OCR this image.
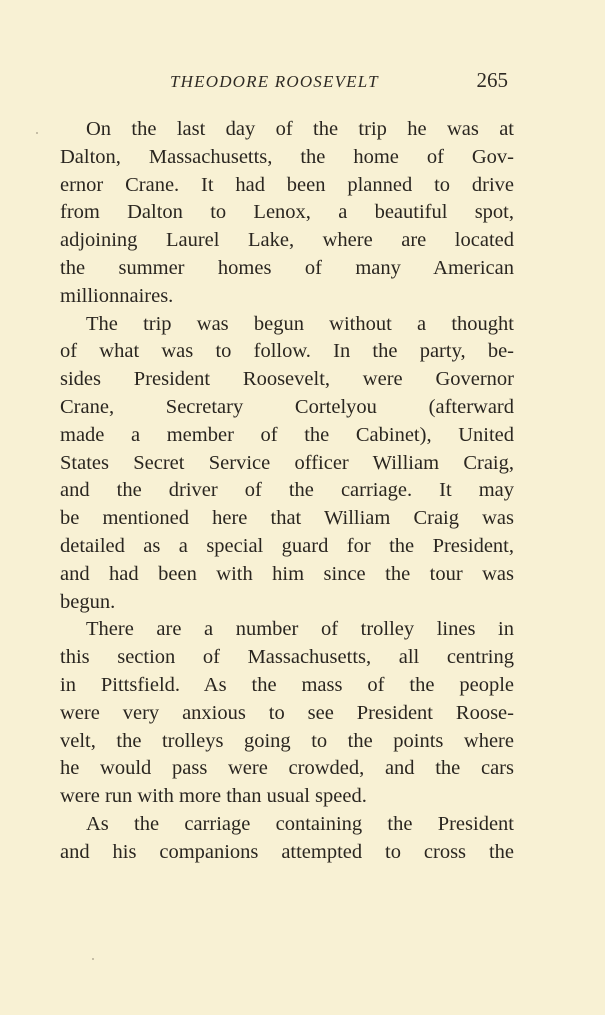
THEODORE ROOSEVELT	265
On the last day of the trip he was at
Dalton, Massachusetts, the home of Gov-
ernor Crane. It had been planned to drive
from Dalton to Lenox, a beautiful spot,
adjoining Laurel Lake, where are located
the summer homes of many American
millionnaires.
The trip was begun without a thought
of what was to follow. In the party, be-
sides President Roosevelt, were Governor
Crane, Secretary Cortelyou (afterward
made a member of the Cabinet), United
States Secret Service officer William Craig,
and the driver of the carriage. It may
be mentioned here that William Craig was
detailed as a special guard for the President,
and had been with him since the tour was
begun.
There are a number of trolley lines in
this section of Massachusetts, all centring
in Pittsfield. As the mass of the people
were very anxious to see President Roose-
velt, the trolleys going to the points where
he would pass were crowded, and the cars
were run with more than usual speed.
As the carriage containing the President
and his companions attempted to cross the
